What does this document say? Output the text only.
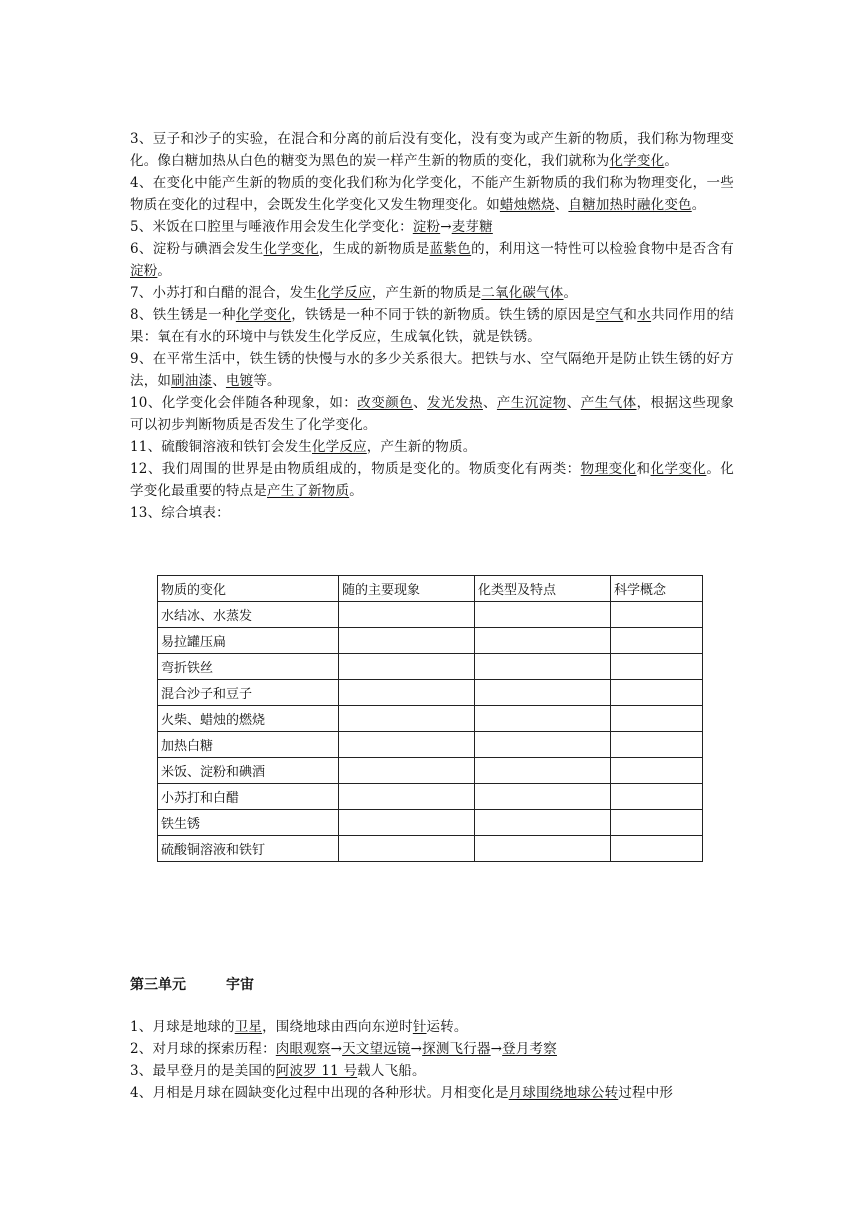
3、豆子和沙子的实验，在混合和分离的前后没有变化，没有变为或产生新的物质，我们称为物理变化。像白糖加热从白色的糖变为黑色的炭一样产生新的物质的变化，我们就称为化学变化。

4、在变化中能产生新的物质的变化我们称为化学变化，不能产生新物质的我们称为物理变化，一些物质在变化的过程中，会既发生化学变化又发生物理变化。如蜡烛燃烧、自糖加热时融化变色。

5、米饭在口腔里与唾液作用会发生化学变化：淀粉→麦芽糖

6、淀粉与碘酒会发生化学变化，生成的新物质是蓝紫色的，利用这一特性可以检验食物中是否含有淀粉。

7、小苏打和白醋的混合，发生化学反应，产生新的物质是二氧化碳气体。

8、铁生锈是一种化学变化，铁锈是一种不同于铁的新物质。铁生锈的原因是空气和水共同作用的结果：氧在有水的环境中与铁发生化学反应，生成氧化铁，就是铁锈。

9、在平常生活中，铁生锈的快慢与水的多少关系很大。把铁与水、空气隔绝开是防止铁生锈的好方法，如刷油漆、电镀等。

10、化学变化会伴随各种现象，如：改变颜色、发光发热、产生沉淀物、产生气体，根据这些现象可以初步判断物质是否发生了化学变化。

11、硫酸铜溶液和铁钉会发生化学反应，产生新的物质。

12、我们周围的世界是由物质组成的，物质是变化的。物质变化有两类：物理变化和化学变化。化学变化最重要的特点是产生了新物质。

13、综合填表：

物质的变化	随的主要现象	化类型及特点	科学概念
水结冰、水蒸发			
易拉罐压扁			
弯折铁丝			
混合沙子和豆子			
火柴、蜡烛的燃烧			
加热白糖			
米饭、淀粉和碘酒			
小苏打和白醋			
铁生锈			
硫酸铜溶液和铁钉			
第三单元	宇宙

1、月球是地球的卫星，围绕地球由西向东逆时针运转。

2、对月球的探索历程：肉眼观察→天文望远镜→探测飞行器→登月考察

3、最早登月的是美国的阿波罗 11 号载人飞船。

4、月相是月球在圆缺变化过程中出现的各种形状。月相变化是月球围绕地球公转过程中形
